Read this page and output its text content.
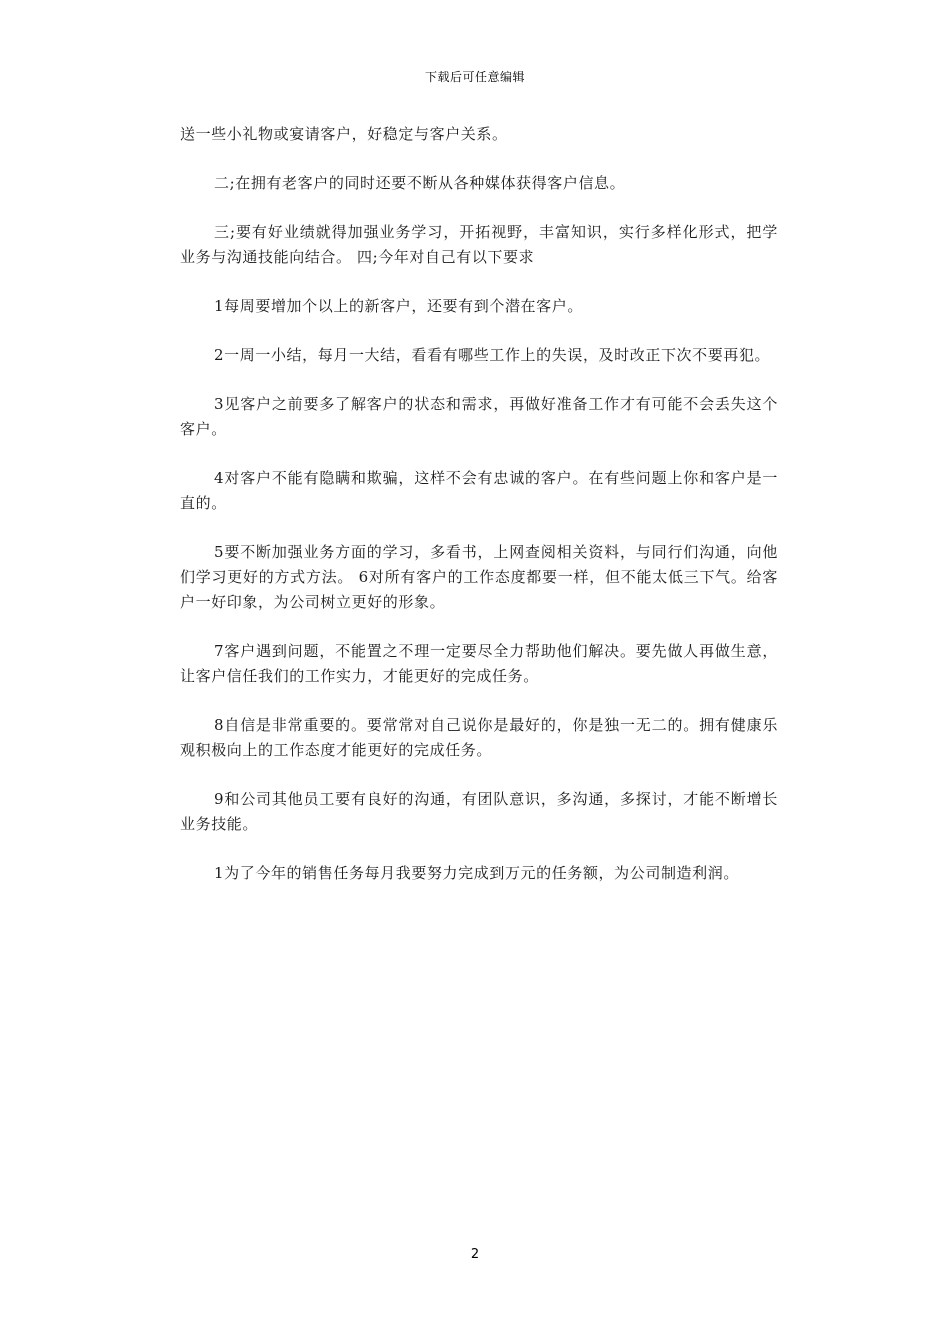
下载后可任意编辑

送一些小礼物或宴请客户，好稳定与客户关系。

二;在拥有老客户的同时还要不断从各种媒体获得客户信息。

三;要有好业绩就得加强业务学习，开拓视野，丰富知识，实行多样化形式，把学业务与沟通技能向结合。 四;今年对自己有以下要求

1每周要增加个以上的新客户，还要有到个潜在客户。

2一周一小结，每月一大结，看看有哪些工作上的失误，及时改正下次不要再犯。

3见客户之前要多了解客户的状态和需求，再做好准备工作才有可能不会丢失这个客户。

4对客户不能有隐瞒和欺骗，这样不会有忠诚的客户。在有些问题上你和客户是一直的。

5要不断加强业务方面的学习，多看书，上网查阅相关资料，与同行们沟通，向他们学习更好的方式方法。 6对所有客户的工作态度都要一样，但不能太低三下气。给客户一好印象，为公司树立更好的形象。

7客户遇到问题，不能置之不理一定要尽全力帮助他们解决。要先做人再做生意，让客户信任我们的工作实力，才能更好的完成任务。

8自信是非常重要的。要常常对自己说你是最好的，你是独一无二的。拥有健康乐观积极向上的工作态度才能更好的完成任务。

9和公司其他员工要有良好的沟通，有团队意识，多沟通，多探讨，才能不断增长业务技能。

1为了今年的销售任务每月我要努力完成到万元的任务额，为公司制造利润。

2
